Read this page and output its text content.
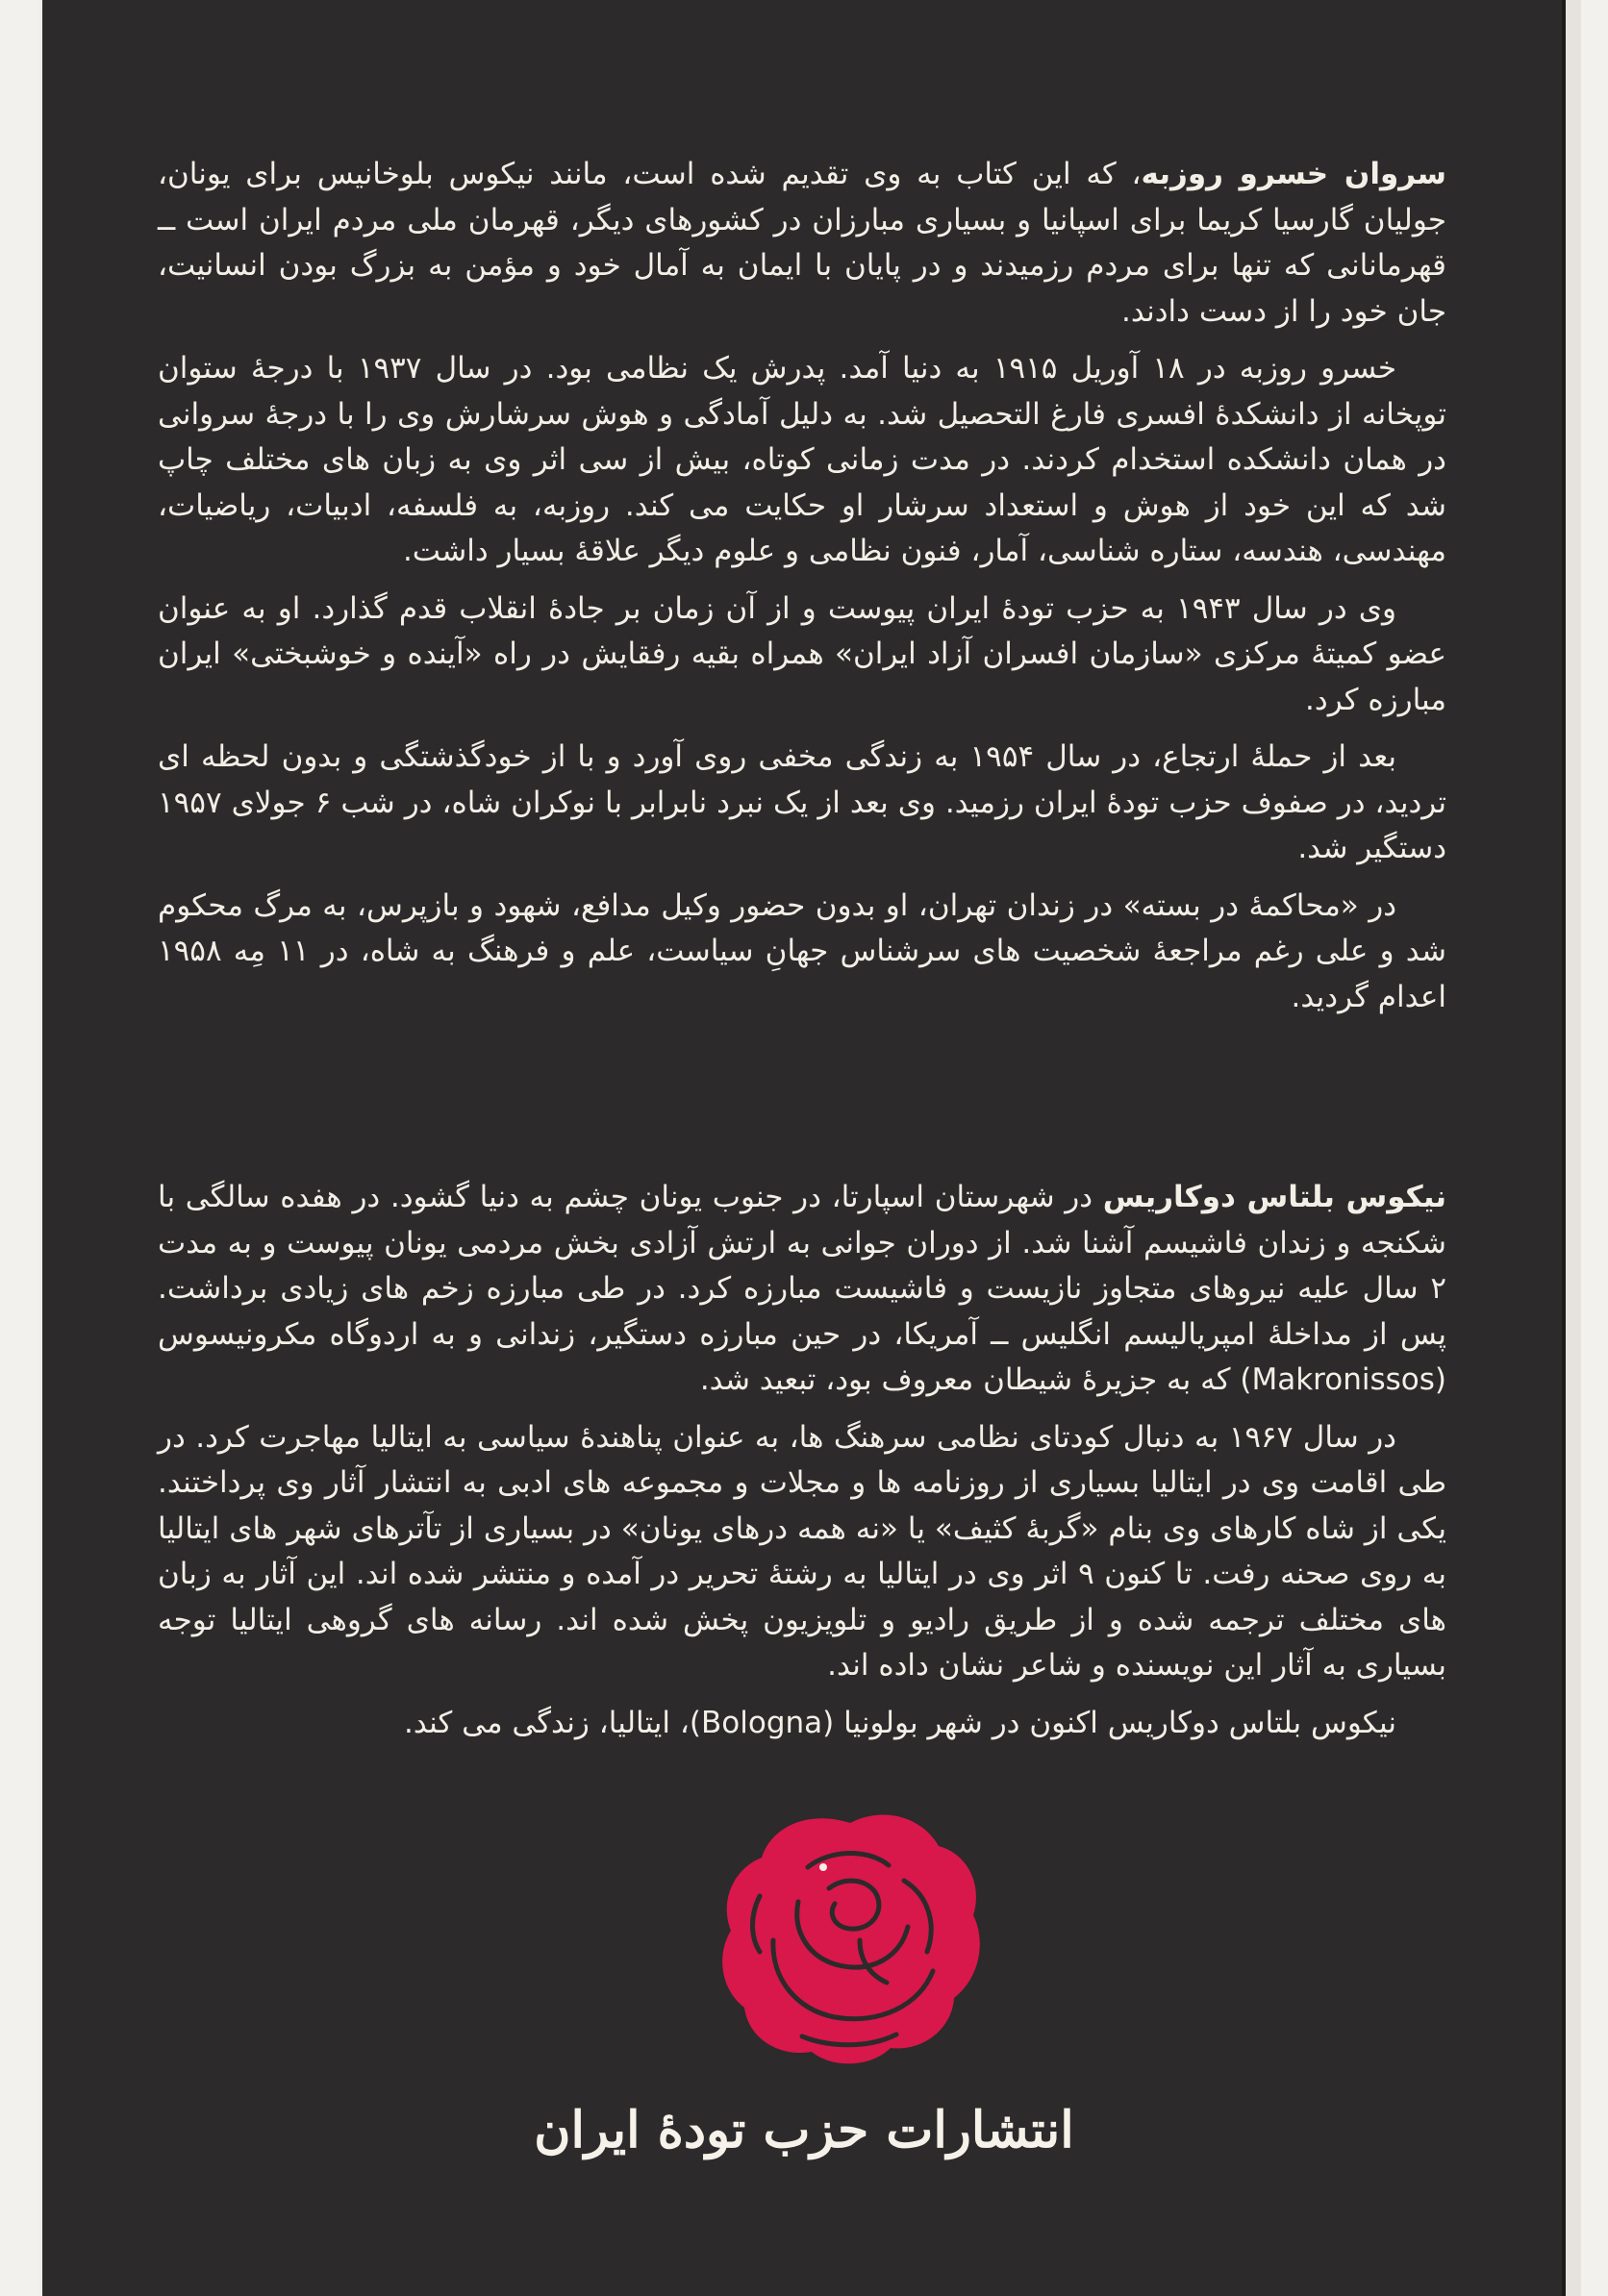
سروان خسرو روزبه، که این کتاب به وی تقدیم شده است، مانند نیکوس بلوخانیس برای یونان، جولیان گارسیا کریما برای اسپانیا و بسیاری مبارزان در کشورهای دیگر، قهرمان ملی مردم ایران است ــ قهرمانانی که تنها برای مردم رزمیدند و در پایان با ایمان به آمال خود و مؤمن به بزرگ بودن انسانیت، جان خود را از دست دادند.

خسرو روزبه در ۱۸ آوریل ۱۹۱۵ به دنیا آمد. پدرش یک نظامی بود. در سال ۱۹۳۷ با درجهٔ ستوان توپخانه از دانشکدهٔ افسری فارغ التحصیل شد. به دلیل آمادگی و هوش سرشارش وی را با درجهٔ سروانی در همان دانشکده استخدام کردند. در مدت زمانی کوتاه، بیش از سی اثر وی به زبان های مختلف چاپ شد که این خود از هوش و استعداد سرشار او حکایت می کند. روزبه، به فلسفه، ادبیات، ریاضیات، مهندسی، هندسه، ستاره شناسی، آمار، فنون نظامی و علوم دیگر علاقهٔ بسیار داشت.

وی در سال ۱۹۴۳ به حزب تودهٔ ایران پیوست و از آن زمان بر جادهٔ انقلاب قدم گذارد. او به عنوان عضو کمیتهٔ مرکزی «سازمان افسران آزاد ایران» همراه بقیه رفقایش در راه «آینده و خوشبختی» ایران مبارزه کرد.

بعد از حملهٔ ارتجاع، در سال ۱۹۵۴ به زندگی مخفی روی آورد و با از خودگذشتگی و بدون لحظه ای تردید، در صفوف حزب تودهٔ ایران رزمید. وی بعد از یک نبرد نابرابر با نوکران شاه، در شب ۶ جولای ۱۹۵۷ دستگیر شد.

در «محاکمهٔ در بسته» در زندان تهران، او بدون حضور وکیل مدافع، شهود و بازپرس، به مرگ محکوم شد و علی رغم مراجعهٔ شخصیت های سرشناس جهانِ سیاست، علم و فرهنگ به شاه، در ۱۱ مِه ۱۹۵۸ اعدام گردید.

نیکوس بلتاس دوکاریس در شهرستان اسپارتا، در جنوب یونان چشم به دنیا گشود. در هفده سالگی با شکنجه و زندان فاشیسم آشنا شد. از دوران جوانی به ارتش آزادی بخش مردمی یونان پیوست و به مدت ۲ سال علیه نیروهای متجاوز نازیست و فاشیست مبارزه کرد. در طی مبارزه زخم های زیادی برداشت. پس از مداخلهٔ امپریالیسم انگلیس ــ آمریکا، در حین مبارزه دستگیر، زندانی و به اردوگاه مکرونیسوس (Makronissos) که به جزیرهٔ شیطان معروف بود، تبعید شد.

در سال ۱۹۶۷ به دنبال کودتای نظامی سرهنگ ها، به عنوان پناهندهٔ سیاسی به ایتالیا مهاجرت کرد. در طی اقامت وی در ایتالیا بسیاری از روزنامه ها و مجلات و مجموعه های ادبی به انتشار آثار وی پرداختند. یکی از شاه کارهای وی بنام «گربهٔ کثیف» یا «نه همه درهای یونان» در بسیاری از تآترهای شهر های ایتالیا به روی صحنه رفت. تا کنون ۹ اثر وی در ایتالیا به رشتهٔ تحریر در آمده و منتشر شده اند. این آثار به زبان های مختلف ترجمه شده و از طریق رادیو و تلویزیون پخش شده اند. رسانه های گروهی ایتالیا توجه بسیاری به آثار این نویسنده و شاعر نشان داده اند.

نیکوس بلتاس دوکاریس اکنون در شهر بولونیا (Bologna)، ایتالیا، زندگی می کند.

انتشارات حزب تودهٔ ایران
